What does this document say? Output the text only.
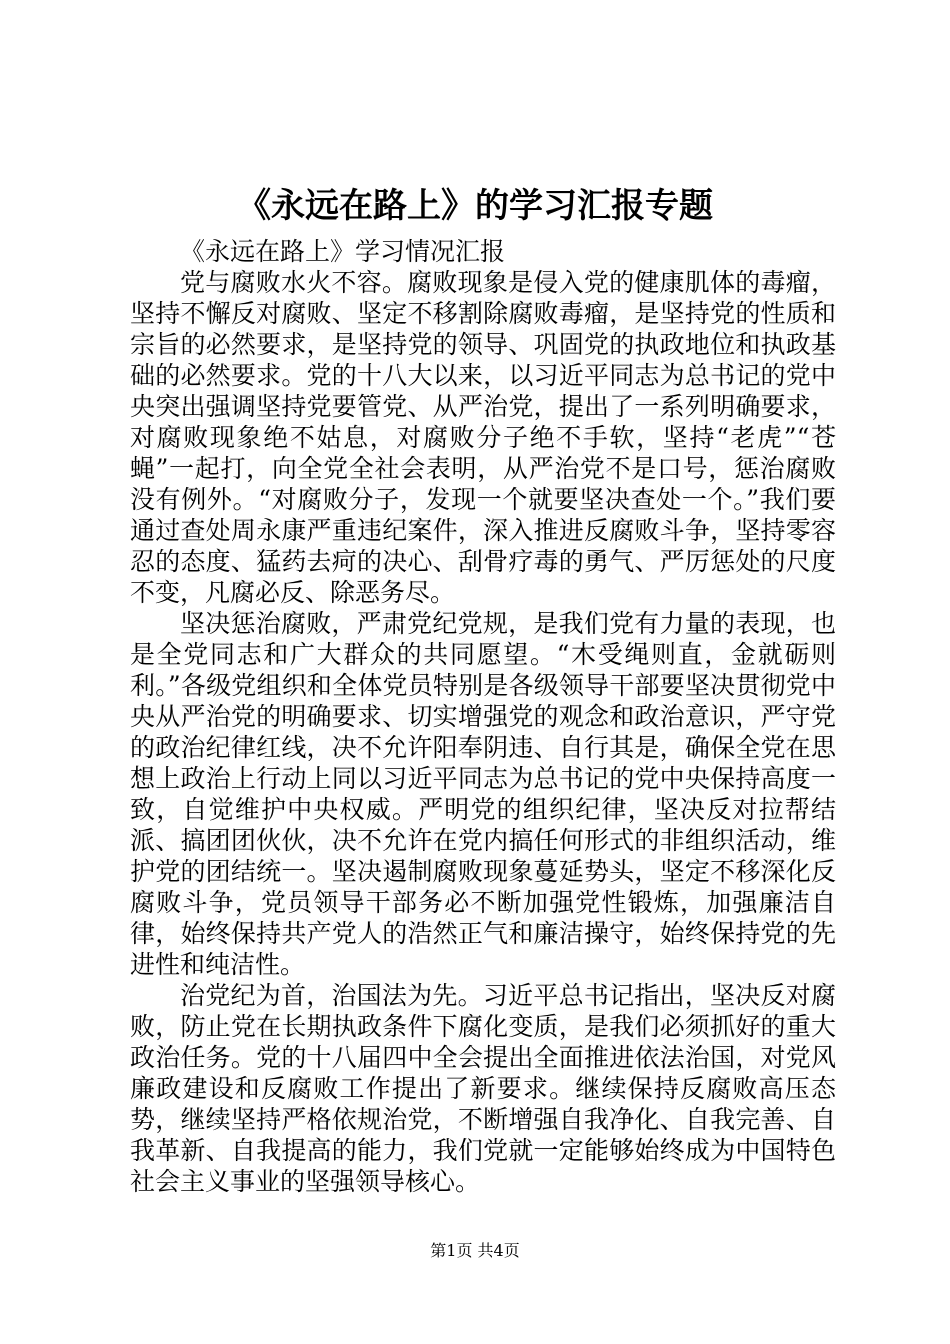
《永远在路上》的学习汇报专题

《永远在路上》学习情况汇报

党与腐败水火不容。腐败现象是侵入党的健康肌体的毒瘤，坚持不懈反对腐败、坚定不移割除腐败毒瘤，是坚持党的性质和宗旨的必然要求，是坚持党的领导、巩固党的执政地位和执政基础的必然要求。党的十八大以来，以习近平同志为总书记的党中央突出强调坚持党要管党、从严治党，提出了一系列明确要求，对腐败现象绝不姑息，对腐败分子绝不手软，坚持“老虎”“苍蝇”一起打，向全党全社会表明，从严治党不是口号，惩治腐败没有例外。“对腐败分子，发现一个就要坚决查处一个。”我们要通过查处周永康严重违纪案件，深入推进反腐败斗争，坚持零容忍的态度、猛药去疴的决心、刮骨疗毒的勇气、严厉惩处的尺度不变，凡腐必反、除恶务尽。

坚决惩治腐败，严肃党纪党规，是我们党有力量的表现，也是全党同志和广大群众的共同愿望。“木受绳则直，金就砺则利。”各级党组织和全体党员特别是各级领导干部要坚决贯彻党中央从严治党的明确要求、切实增强党的观念和政治意识，严守党的政治纪律红线，决不允许阳奉阴违、自行其是，确保全党在思想上政治上行动上同以习近平同志为总书记的党中央保持高度一致，自觉维护中央权威。严明党的组织纪律，坚决反对拉帮结派、搞团团伙伙，决不允许在党内搞任何形式的非组织活动，维护党的团结统一。坚决遏制腐败现象蔓延势头，坚定不移深化反腐败斗争，党员领导干部务必不断加强党性锻炼，加强廉洁自律，始终保持共产党人的浩然正气和廉洁操守，始终保持党的先进性和纯洁性。

治党纪为首，治国法为先。习近平总书记指出，坚决反对腐败，防止党在长期执政条件下腐化变质，是我们必须抓好的重大政治任务。党的十八届四中全会提出全面推进依法治国，对党风廉政建设和反腐败工作提出了新要求。继续保持反腐败高压态势，继续坚持严格依规治党，不断增强自我净化、自我完善、自我革新、自我提高的能力，我们党就一定能够始终成为中国特色社会主义事业的坚强领导核心。

第1页 共4页
